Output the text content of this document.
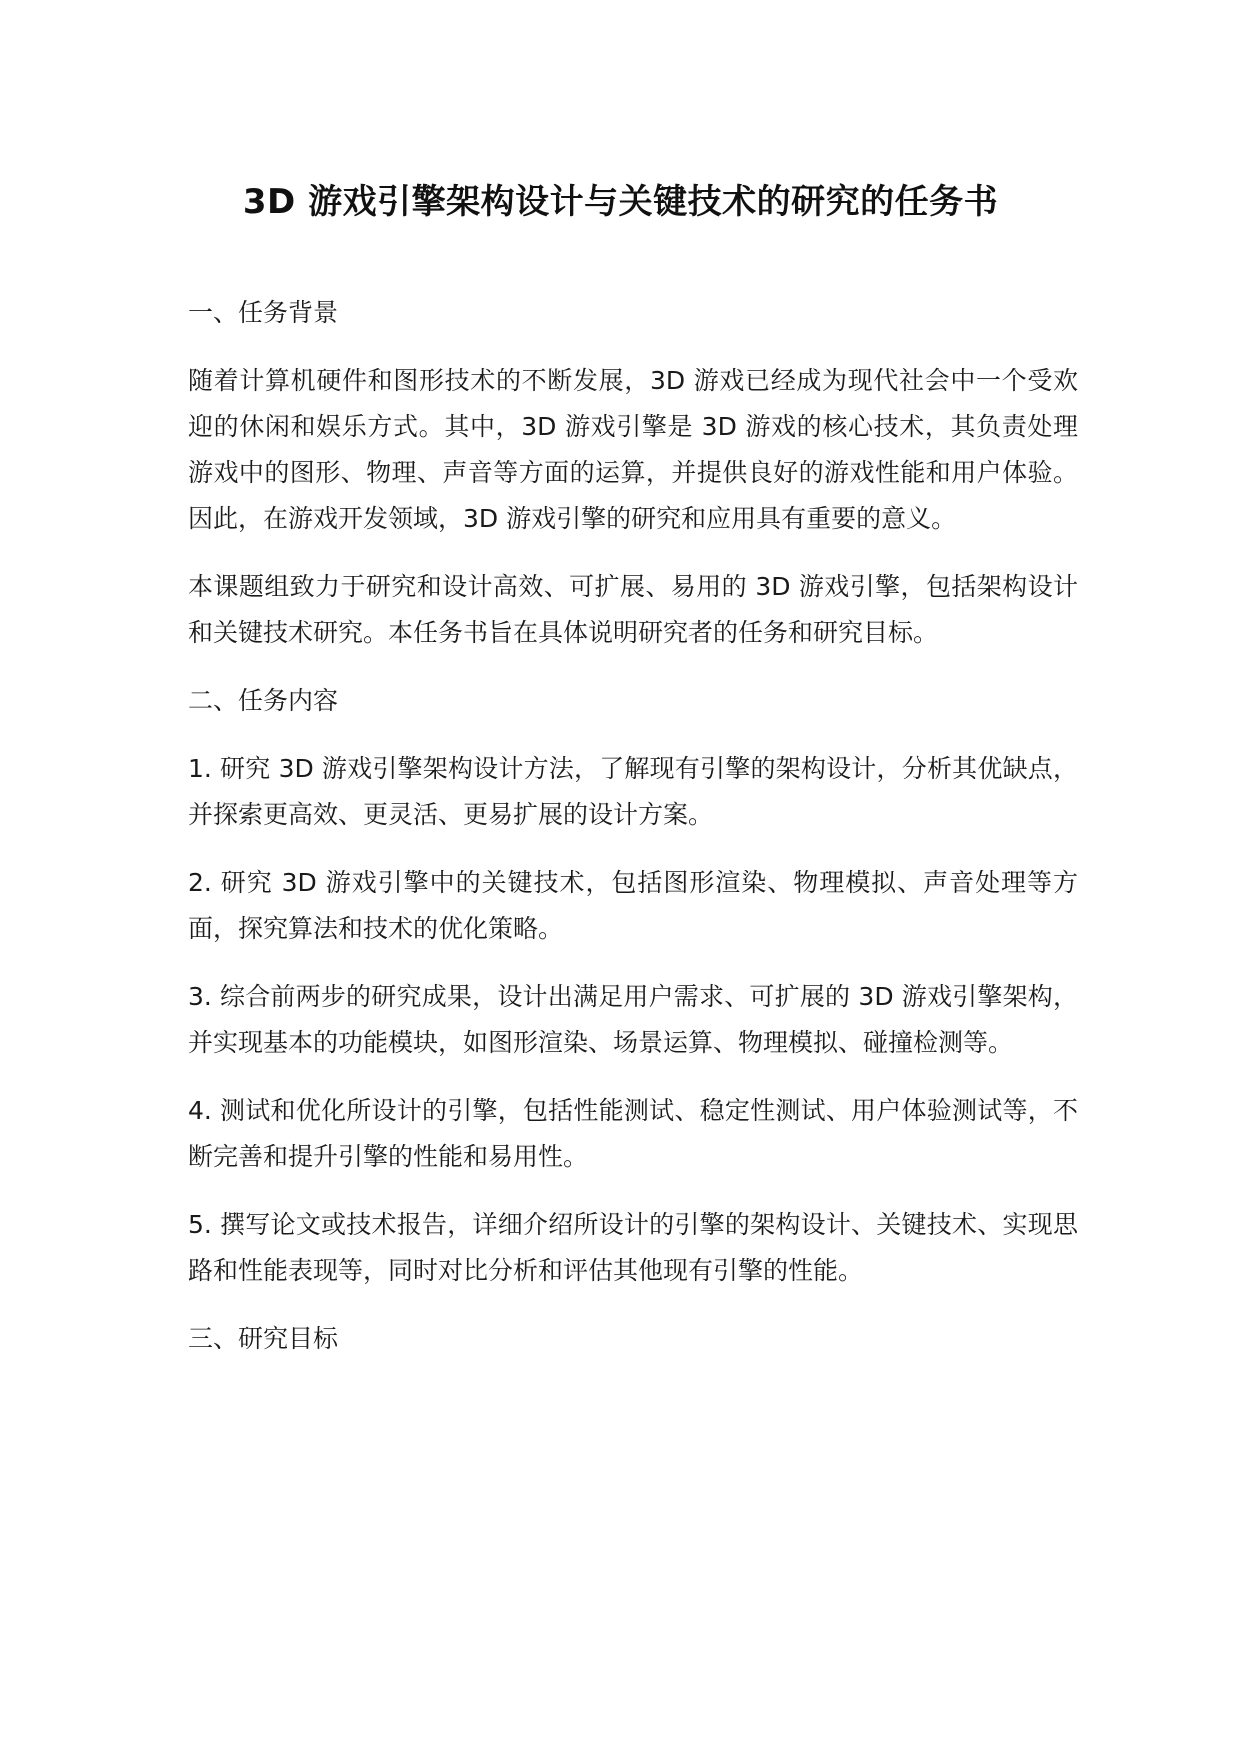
3D 游戏引擎架构设计与关键技术的研究的任务书
一、任务背景
随着计算机硬件和图形技术的不断发展，3D 游戏已经成为现代社会中一个受欢迎的休闲和娱乐方式。其中，3D 游戏引擎是 3D 游戏的核心技术，其负责处理游戏中的图形、物理、声音等方面的运算，并提供良好的游戏性能和用户体验。因此，在游戏开发领域，3D 游戏引擎的研究和应用具有重要的意义。
本课题组致力于研究和设计高效、可扩展、易用的 3D 游戏引擎，包括架构设计和关键技术研究。本任务书旨在具体说明研究者的任务和研究目标。
二、任务内容
1. 研究 3D 游戏引擎架构设计方法，了解现有引擎的架构设计，分析其优缺点，并探索更高效、更灵活、更易扩展的设计方案。
2. 研究 3D 游戏引擎中的关键技术，包括图形渲染、物理模拟、声音处理等方面，探究算法和技术的优化策略。
3. 综合前两步的研究成果，设计出满足用户需求、可扩展的 3D 游戏引擎架构，并实现基本的功能模块，如图形渲染、场景运算、物理模拟、碰撞检测等。
4. 测试和优化所设计的引擎，包括性能测试、稳定性测试、用户体验测试等，不断完善和提升引擎的性能和易用性。
5. 撰写论文或技术报告，详细介绍所设计的引擎的架构设计、关键技术、实现思路和性能表现等，同时对比分析和评估其他现有引擎的性能。
三、研究目标
